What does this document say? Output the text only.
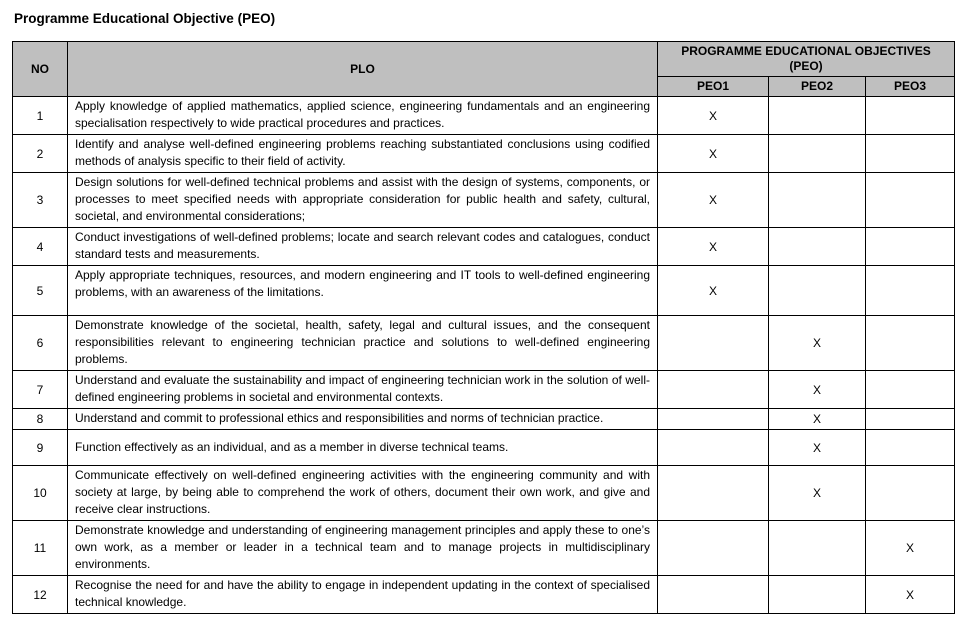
Programme Educational Objective (PEO)
NO	PLO	PROGRAMME EDUCATIONAL OBJECTIVES
(PEO)		

		PEO1	PEO2	PEO3
1	Apply knowledge of applied mathematics, applied science, engineering fundamentals and an engineering specialisation respectively to wide practical procedures and practices.	X		
2	Identify and analyse well-defined engineering problems reaching substantiated conclusions using codified methods of analysis specific to their field of activity.	X		
3	Design solutions for well-defined technical problems and assist with the design of systems, components, or processes to meet specified needs with appropriate consideration for public health and safety, cultural, societal, and environmental considerations;	X		
4	Conduct investigations of well-defined problems; locate and search relevant codes and catalogues, conduct standard tests and measurements.	X		
5	Apply appropriate techniques, resources, and modern engineering and IT tools to well-defined engineering problems, with an awareness of the limitations.	X		
6	Demonstrate knowledge of the societal, health, safety, legal and cultural issues, and the consequent responsibilities relevant to engineering technician practice and solutions to well-defined engineering problems.		X	
7	Understand and evaluate the sustainability and impact of engineering technician work in the solution of well-defined engineering problems in societal and environmental contexts.		X	
8	Understand and commit to professional ethics and responsibilities and norms of technician practice.		X	
9	Function effectively as an individual, and as a member in diverse technical teams.		X	
10	Communicate effectively on well-defined engineering activities with the engineering community and with society at large, by being able to comprehend the work of others, document their own work, and give and receive clear instructions.		X	
11	Demonstrate knowledge and understanding of engineering management principles and apply these to one’s own work, as a member or leader in a technical team and to manage projects in multidisciplinary environments.			X
12	Recognise the need for and have the ability to engage in independent updating in the context of specialised technical knowledge.			X
